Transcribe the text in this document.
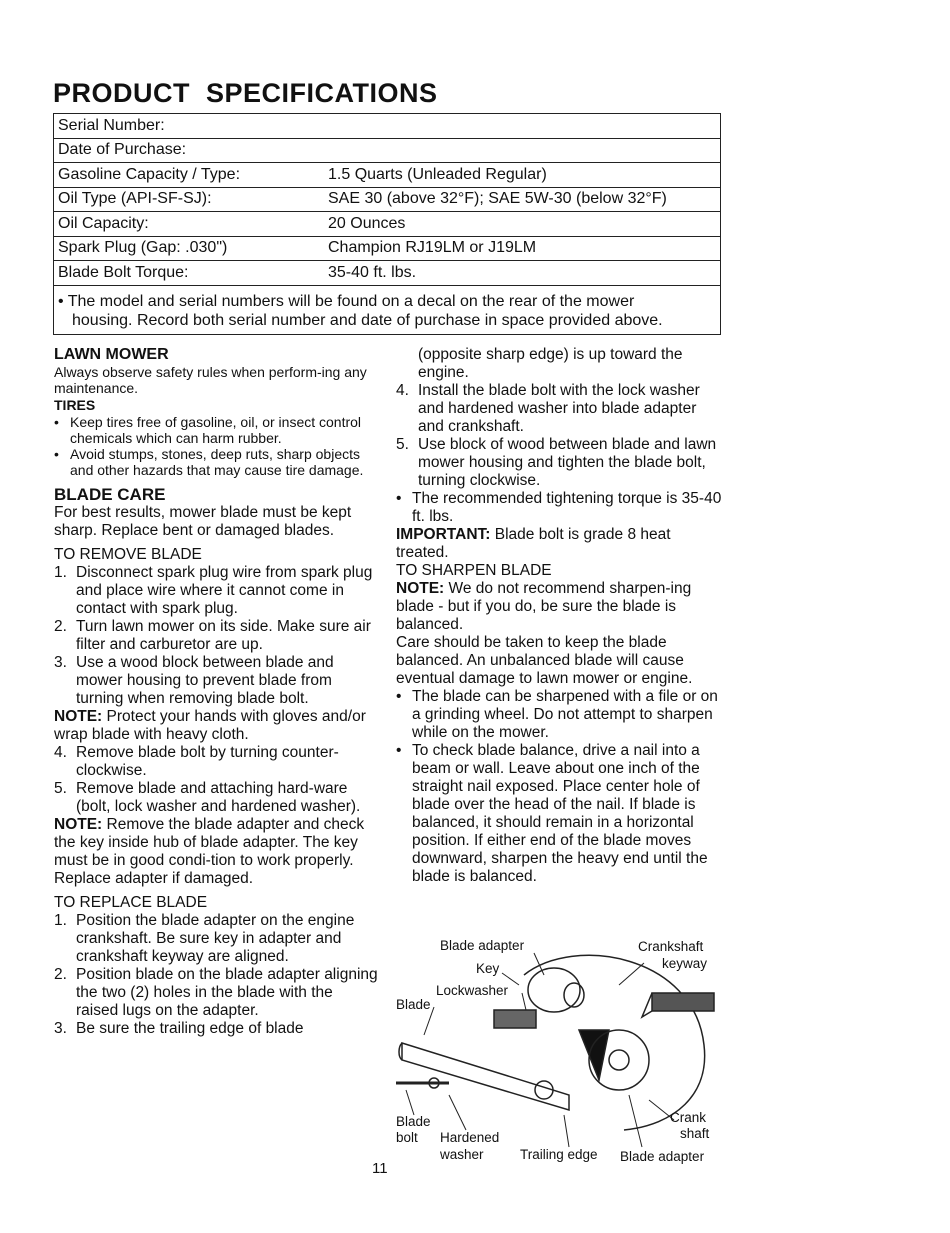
PRODUCT SPECIFICATIONS
Serial Number:
Date of Purchase:
Gasoline Capacity / Type:	1.5 Quarts (Unleaded Regular)
Oil Type (API-SF-SJ):	SAE 30 (above 32°F); SAE 5W-30 (below 32°F)
Oil Capacity:	20 Ounces
Spark Plug (Gap: .030")	Champion RJ19LM or J19LM
Blade Bolt Torque:	35-40 ft. lbs.
• The model and serial numbers will be found on a decal on the rear of the mower
housing. Record both serial number and date of purchase in space provided above.
LAWN MOWER

Always observe safety rules when perform-ing any maintenance.

TIRES
• Keep tires free of gasoline, oil, or insect control chemicals which can harm rubber.
• Avoid stumps, stones, deep ruts, sharp objects and other hazards that may cause tire damage.
BLADE CARE

For best results, mower blade must be kept sharp. Replace bent or damaged blades.

TO REMOVE BLADE

1. Disconnect spark plug wire from spark plug and place wire where it cannot come in contact with spark plug.
2. Turn lawn mower on its side. Make sure air filter and carburetor are up.
3. Use a wood block between blade and mower housing to prevent blade from turning when removing blade bolt.

NOTE: Protect your hands with gloves and/or wrap blade with heavy cloth.

4. Remove blade bolt by turning counter-clockwise.
5. Remove blade and attaching hard-ware (bolt, lock washer and hardened washer).

NOTE: Remove the blade adapter and check the key inside hub of blade adapter. The key must be in good condi-tion to work properly. Replace adapter if damaged.

TO REPLACE BLADE

1. Position the blade adapter on the engine crankshaft. Be sure key in adapter and crankshaft keyway are aligned.
2. Position blade on the blade adapter aligning the two (2) holes in the blade with the raised lugs on the adapter.
3. Be sure the trailing edge of blade

(opposite sharp edge) is up toward the engine.

4. Install the blade bolt with the lock washer and hardened washer into blade adapter and crankshaft.
5. Use block of wood between blade and lawn mower housing and tighten the blade bolt, turning clockwise.
• The recommended tightening torque is 35-40 ft. lbs.

IMPORTANT: Blade bolt is grade 8 heat treated.

TO SHARPEN BLADE

NOTE: We do not recommend sharpen-ing blade - but if you do, be sure the blade is balanced.

Care should be taken to keep the blade balanced. An unbalanced blade will cause eventual damage to lawn mower or engine.

• The blade can be sharpened with a file or on a grinding wheel. Do not attempt to sharpen while on the mower.
• To check blade balance, drive a nail into a beam or wall. Leave about one inch of the straight nail exposed. Place center hole of blade over the head of the nail. If blade is balanced, it should remain in a horizontal position. If either end of the blade moves downward, sharpen the heavy end until the blade is balanced.
Blade adapter	Crankshaft
keyway
Key
Lockwasher
Blade
Blade
bolt Hardened
washer	Trailing edge Blade adapter
Crank
shaft
11
